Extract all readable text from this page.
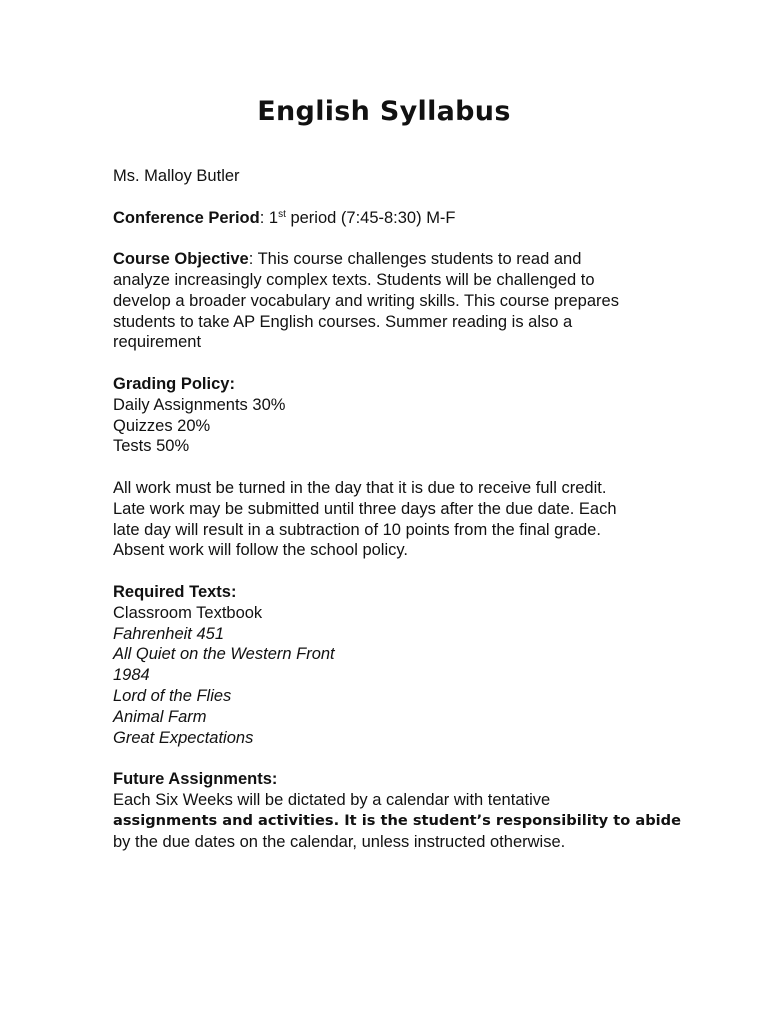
English Syllabus

Ms. Malloy Butler

Conference Period: 1st period (7:45-8:30) M-F

Course Objective: This course challenges students to read and
analyze increasingly complex texts. Students will be challenged to
develop a broader vocabulary and writing skills. This course prepares
students to take AP English courses. Summer reading is also a
requirement

Grading Policy:
Daily Assignments 30%
Quizzes 20%
Tests 50%

All work must be turned in the day that it is due to receive full credit.
Late work may be submitted until three days after the due date. Each
late day will result in a subtraction of 10 points from the final grade.
Absent work will follow the school policy.

Required Texts:
Classroom Textbook
Fahrenheit 451
All Quiet on the Western Front
1984
Lord of the Flies
Animal Farm
Great Expectations

Future Assignments:
Each Six Weeks will be dictated by a calendar with tentative
assignments and activities. It is the student’s responsibility to abide
by the due dates on the calendar, unless instructed otherwise.
